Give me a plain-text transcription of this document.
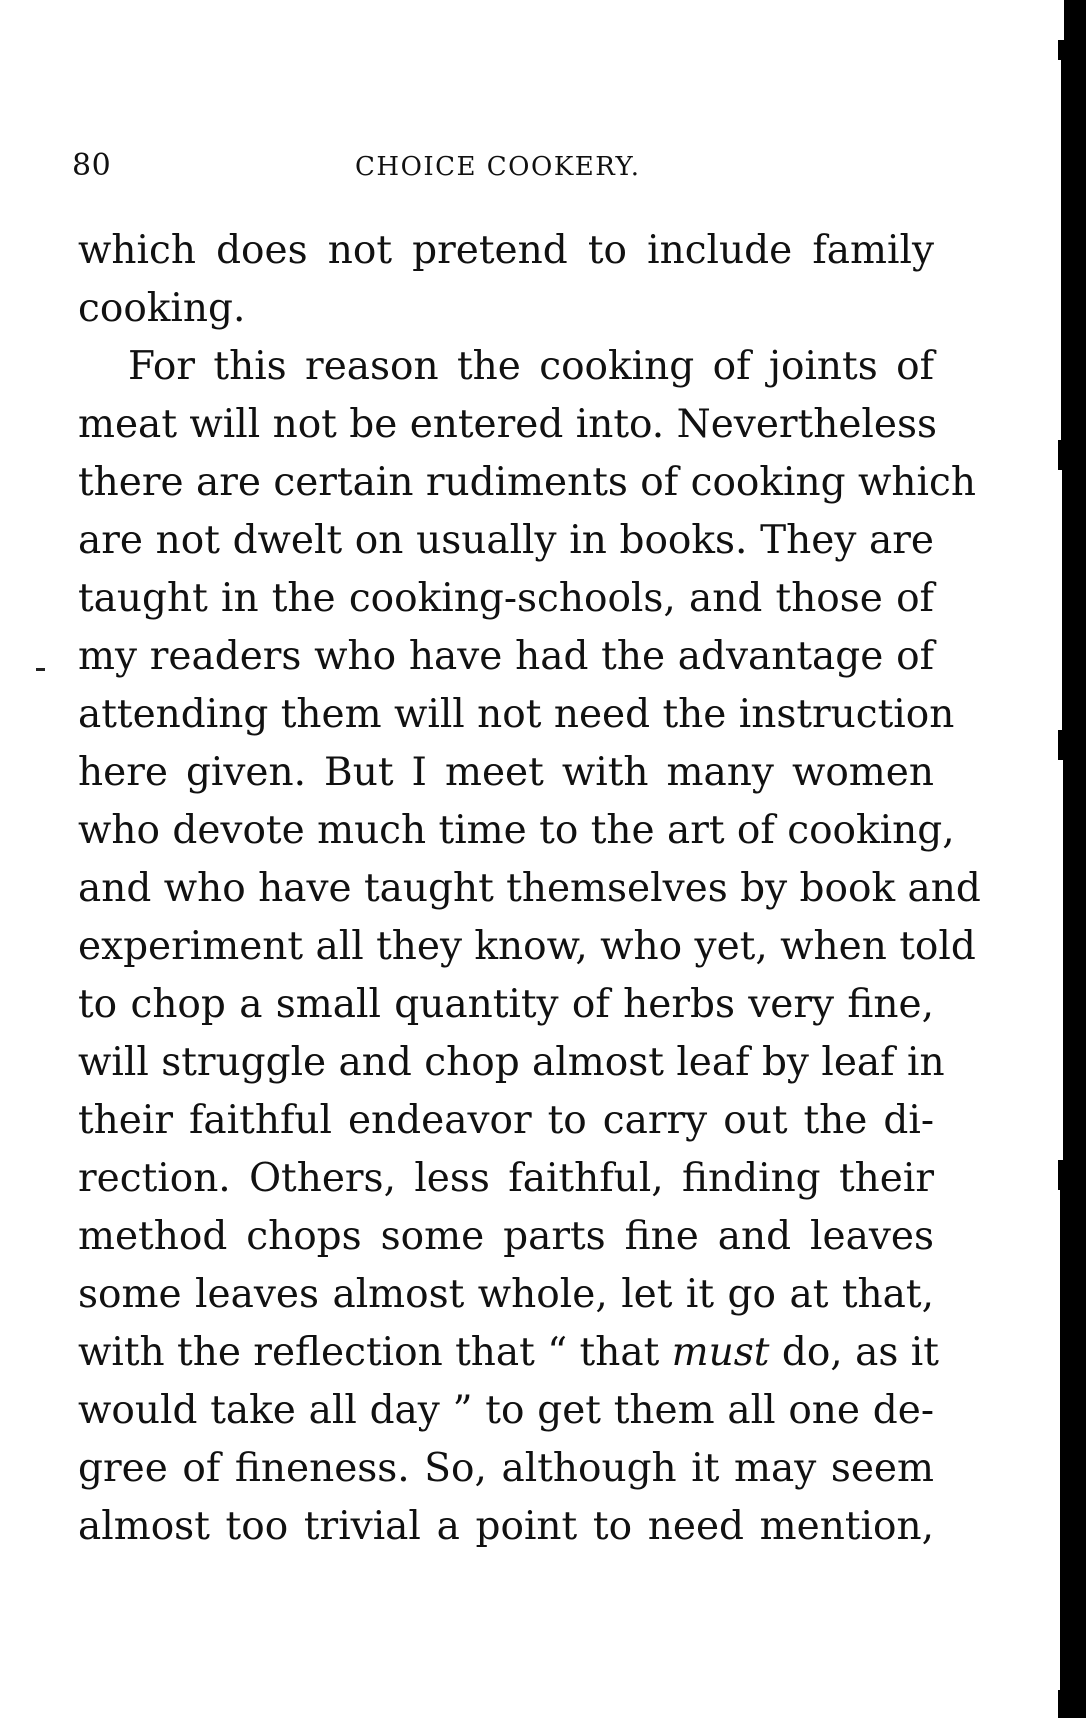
80	CHOICE COOKERY.
which does not pretend to include family
cooking.
For this reason the cooking of joints of
meat will not be entered into. Nevertheless
there are certain rudiments of cooking which
are not dwelt on usually in books. They are
taught in the cooking-schools, and those of
my readers who have had the advantage of
attending them will not need the instruction
here given. But I meet with many women
who devote much time to the art of cooking,
and who have taught themselves by book and
experiment all they know, who yet, when told
to chop a small quantity of herbs very fine,
will struggle and chop almost leaf by leaf in
their faithful endeavor to carry out the di-
rection. Others, less faithful, finding their
method chops some parts fine and leaves
some leaves almost whole, let it go at that,
with the reflection that “ that must do, as it
would take all day ” to get them all one de-
gree of fineness. So, although it may seem
almost too trivial a point to need mention,
